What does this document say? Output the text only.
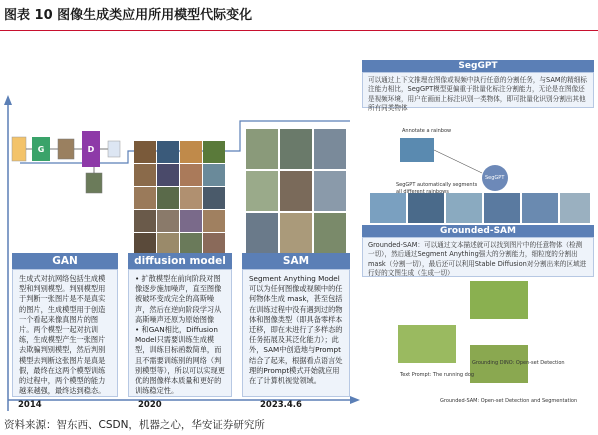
图表 10 图像生成类应用所用模型代际变化
G	D
GAN
生成式对抗网络包括生成模型和判别模型。判别模型用于判断一张图片是不是真实的图片，生成模型用于创造一个看起来像真图片的图片。两个模型一起对抗训练，生成模型产生一张图片去欺骗判别模型，然后判别模型去判断这张图片是真是假，最终在这两个模型训练的过程中，两个模型的能力越来越强，最终达到稳态。
diffusion model
• 扩散模型在前向阶段对图像逐步施加噪声，直至图像被破坏变成完全的高斯噪声，然后在逆向阶段学习从高斯噪声还原为原始图像
• 和GAN相比，Diffusion Model只需要训练生成模型，训练目标函数简单，而且不需要训练别的网络（判别模型等），所以可以实现更优的图像样本质量和更好的训练稳定性。
SAM
Segment Anything Model可以为任何图像或视频中的任何物体生成 mask，甚至包括在训练过程中没有遇到过的物体和图像类型（即具备零样本迁移，即在未进行了多样态的任务拓展及其泛化能力）；此外，SAM中创造地与Prompt结合了起来，根据看点语言处理的Prompt模式开始就应用在了计算机视觉领域。
2014	2020	2023.4.6
SegGPT
可以通过上下文推理在图像或视频中执行任意的分割任务，与SAM的精细标注能力相比，SegGPT模型更偏重于批量化标注分割能力，无论是在图像还是视频环境，用户在画面上标注识别一类物体，即可批量化识别分割出其他所有同类物体
Annotate a rainbow
SegGPT automatically segments
all different rainbows
SegGPT
Grounded-SAM
Grounded-SAM：可以通过文本描述就可以找到图片中的任意物体（检测一切），然后通过Segment Anything强大的分割能力，细粒度的分割出mask（分割一切），最后还可以利用Stable Diffusion对分割出来的区域进行好的文图生成（生成一切）
Grounding DINO: Open-set Detection
Text Prompt: The running dog
Grounded-SAM: Open-set Detection and Segmentation
资料来源：智东西、CSDN，机器之心，华安证券研究所
